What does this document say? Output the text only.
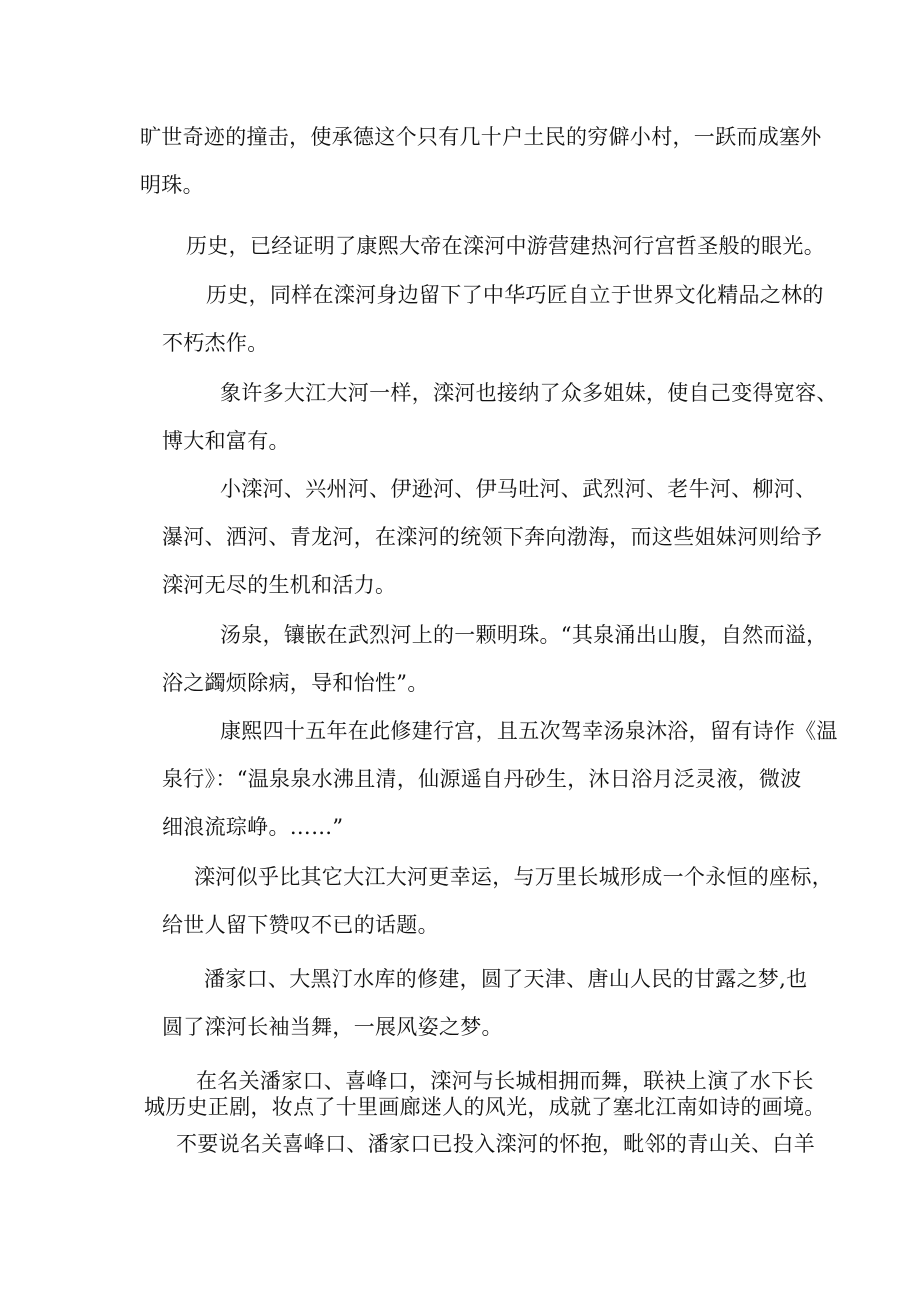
旷世奇迹的撞击，使承德这个只有几十户土民的穷僻小村，一跃而成塞外
明珠。
历史，已经证明了康熙大帝在滦河中游营建热河行宫哲圣般的眼光。
历史，同样在滦河身边留下了中华巧匠自立于世界文化精品之林的
不朽杰作。
象许多大江大河一样，滦河也接纳了众多姐妹，使自己变得宽容、
博大和富有。
小滦河、兴州河、伊逊河、伊马吐河、武烈河、老牛河、柳河、
瀑河、洒河、青龙河，在滦河的统领下奔向渤海，而这些姐妹河则给予
滦河无尽的生机和活力。
汤泉，镶嵌在武烈河上的一颗明珠。“其泉涌出山腹，自然而溢，
浴之蠲烦除病，导和怡性”。
康熙四十五年在此修建行宫，且五次驾幸汤泉沐浴，留有诗作《温
泉行》：“温泉泉水沸且清，仙源遥自丹砂生，沐日浴月泛灵液，微波
细浪流琮峥。……”
滦河似乎比其它大江大河更幸运，与万里长城形成一个永恒的座标，
给世人留下赞叹不已的话题。
潘家口、大黑汀水库的修建，圆了天津、唐山人民的甘露之梦,也
圆了滦河长袖当舞，一展风姿之梦。
在名关潘家口、喜峰口，滦河与长城相拥而舞，联袂上演了水下长
城历史正剧，妆点了十里画廊迷人的风光，成就了塞北江南如诗的画境。
不要说名关喜峰口、潘家口已投入滦河的怀抱，毗邻的青山关、白羊
